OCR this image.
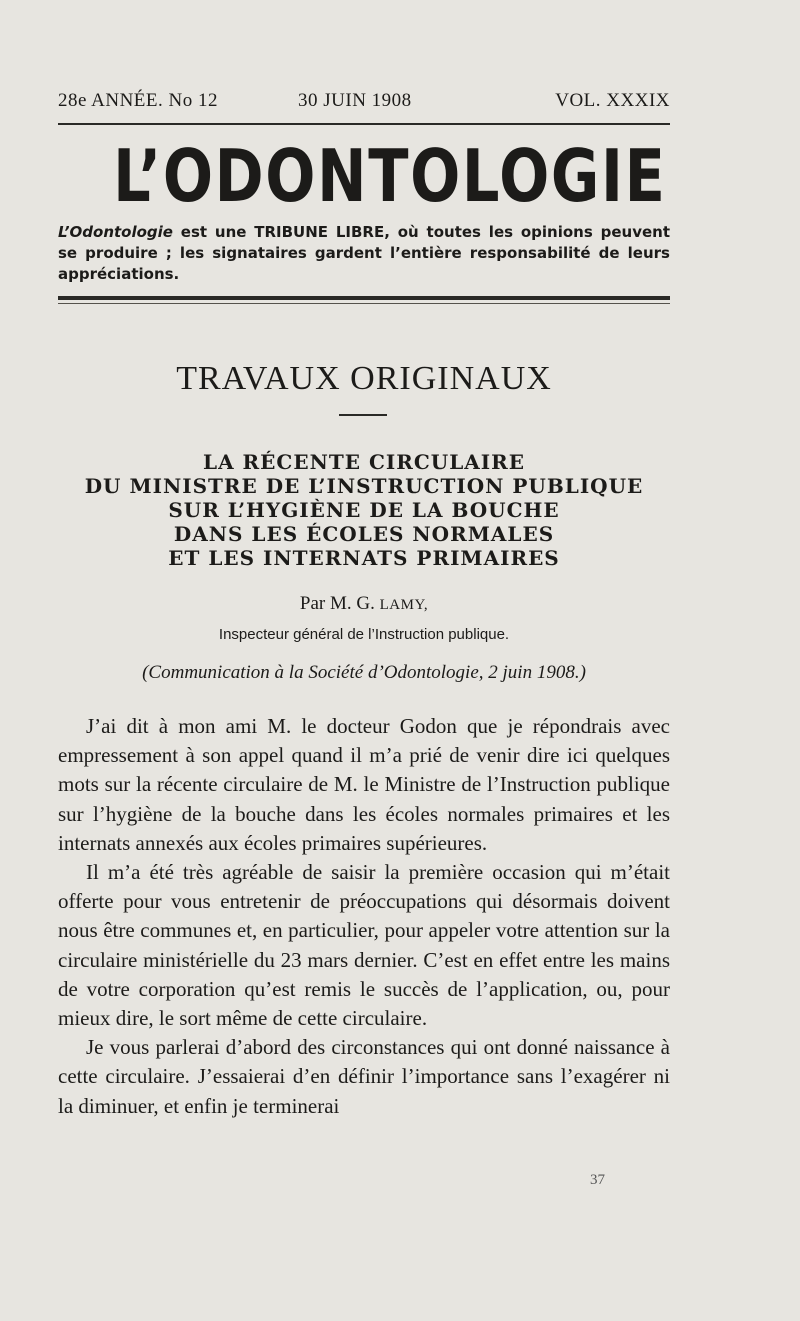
28e ANNÉE. No 12	30 JUIN 1908	VOL. XXXIX
L’ODONTOLOGIE
L’Odontologie est une TRIBUNE LIBRE, où toutes les opinions peuvent se produire ; les signataires gardent l’entière responsabilité de leurs appréciations.
TRAVAUX ORIGINAUX
LA RÉCENTE CIRCULAIRE
DU MINISTRE DE L’INSTRUCTION PUBLIQUE
SUR L’HYGIÈNE DE LA BOUCHE
DANS LES ÉCOLES NORMALES
ET LES INTERNATS PRIMAIRES
Par M. G. LAMY,
Inspecteur général de l’Instruction publique.
(Communication à la Société d’Odontologie, 2 juin 1908.)

J’ai dit à mon ami M. le docteur Godon que je répondrais avec empressement à son appel quand il m’a prié de venir dire ici quelques mots sur la récente circulaire de M. le Ministre de l’Instruction publique sur l’hygiène de la bouche dans les écoles normales primaires et les internats annexés aux écoles primaires supérieures.

Il m’a été très agréable de saisir la première occasion qui m’était offerte pour vous entretenir de préoccupations qui désormais doivent nous être communes et, en particulier, pour appeler votre attention sur la circulaire ministérielle du 23 mars dernier. C’est en effet entre les mains de votre corporation qu’est remis le succès de l’application, ou, pour mieux dire, le sort même de cette circulaire.

Je vous parlerai d’abord des circonstances qui ont donné naissance à cette circulaire. J’essaierai d’en définir l’importance sans l’exagérer ni la diminuer, et enfin je terminerai

37
